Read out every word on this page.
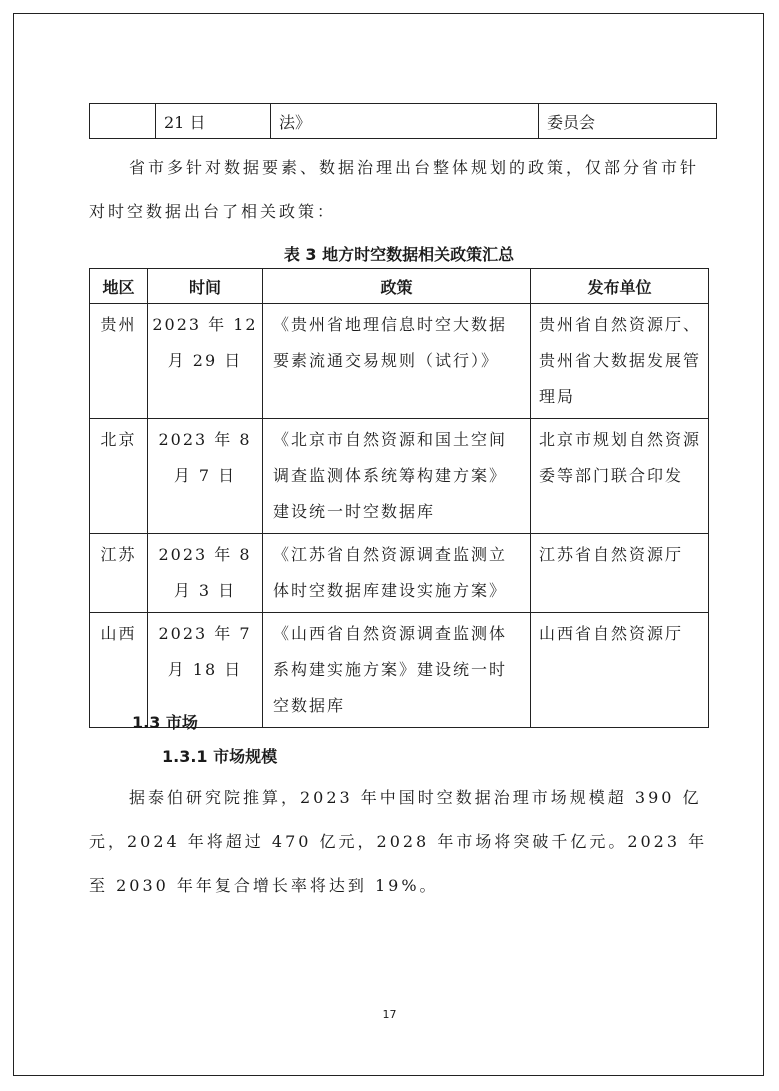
	21 日	法》	委员会

省市多针对数据要素、数据治理出台整体规划的政策，仅部分省市针对时空数据出台了相关政策：

表 3 地方时空数据相关政策汇总

地区	时间	政策	发布单位
贵州	2023 年 12 月 29 日	《贵州省地理信息时空大数据要素流通交易规则（试行）》	贵州省自然资源厅、贵州省大数据发展管理局
北京	2023 年 8 月 7 日	《北京市自然资源和国土空间调查监测体系统筹构建方案》建设统一时空数据库	北京市规划自然资源委等部门联合印发
江苏	2023 年 8 月 3 日	《江苏省自然资源调查监测立体时空数据库建设实施方案》	江苏省自然资源厅
山西	2023 年 7 月 18 日	《山西省自然资源调查监测体系构建实施方案》建设统一时空数据库	山西省自然资源厅
1.3 市场
1.3.1 市场规模

据泰伯研究院推算，2023 年中国时空数据治理市场规模超 390 亿元，2024 年将超过 470 亿元，2028 年市场将突破千亿元。2023 年至 2030 年年复合增长率将达到 19%。

17
